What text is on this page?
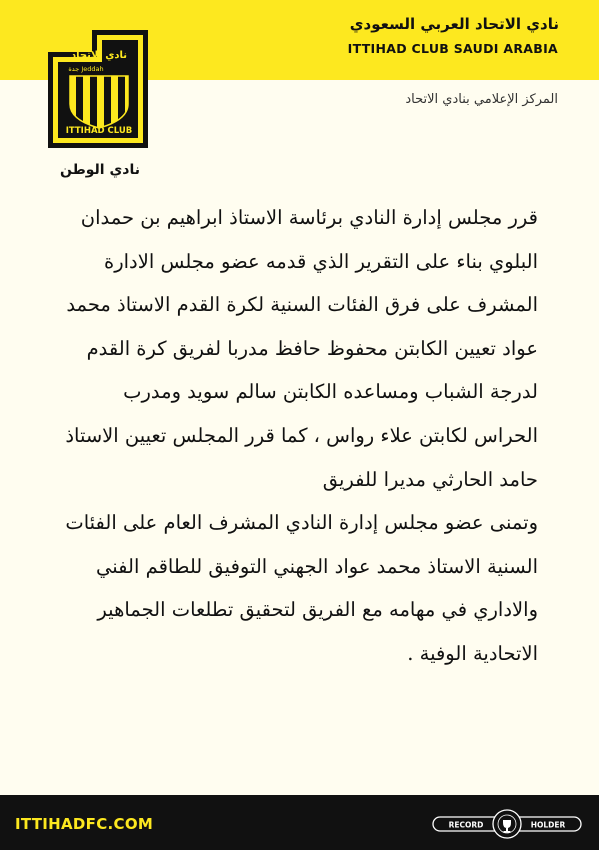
نادي الاتحاد العربي السعودي
ITTIHAD CLUB SAUDI ARABIA
المركز الإعلامي بنادي الاتحاد
نادي الاتحاد
جدة Jeddah
ITTIHAD CLUB
١٣٤٦ ـ 1927
نادي الوطن

قرر مجلس إدارة النادي برئاسة الاستاذ ابراهيم بن حمدان البلوي بناء على التقرير الذي قدمه عضو مجلس الادارة المشرف على فرق الفئات السنية لكرة القدم الاستاذ محمد عواد تعيين الكابتن محفوظ حافظ مدربا لفريق كرة القدم لدرجة الشباب ومساعده الكابتن سالم سويد ومدرب الحراس لكابتن علاء رواس ، كما قرر المجلس تعيين الاستاذ حامد الحارثي مديرا للفريق

وتمنى عضو مجلس إدارة النادي المشرف العام على الفئات السنية الاستاذ محمد عواد الجهني التوفيق للطاقم الفني والاداري في مهامه مع الفريق لتحقيق تطلعات الجماهير الاتحادية الوفية .

ITTIHADFC.COM	RECORD	HOLDER
